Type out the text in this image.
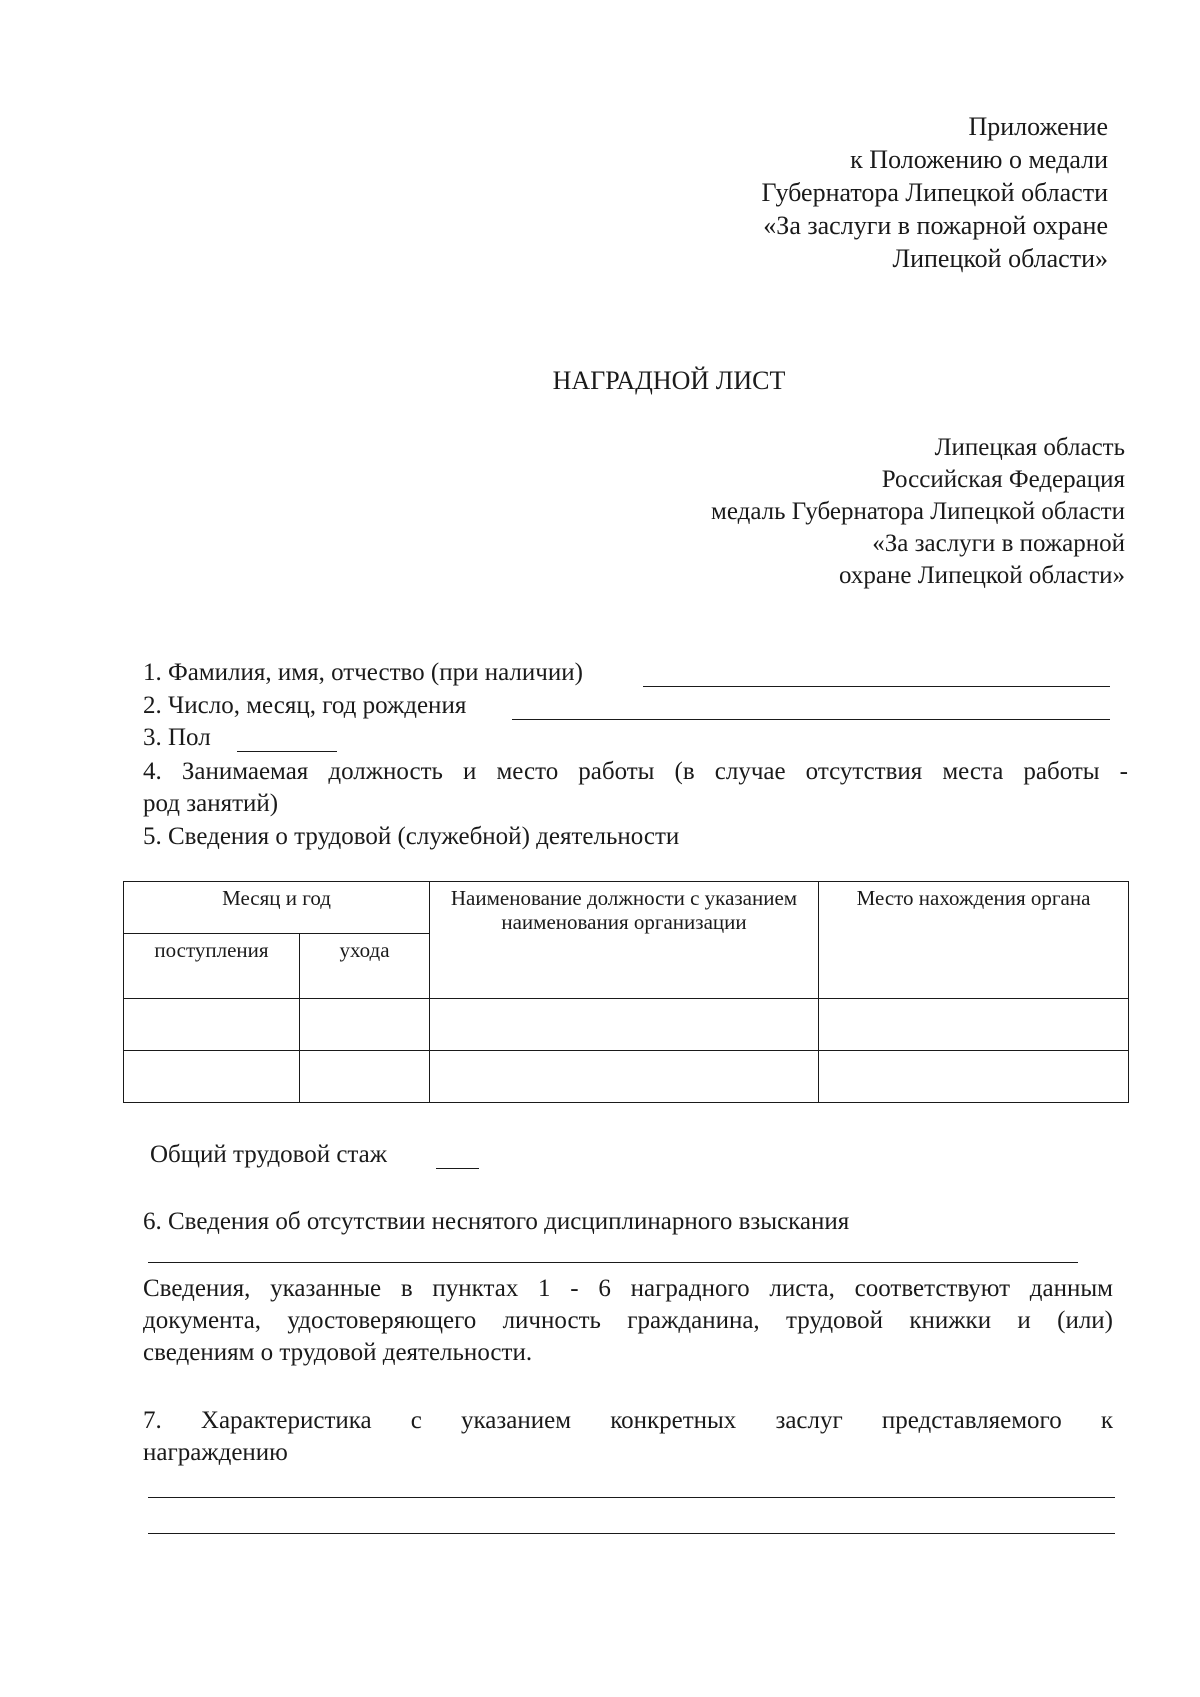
Приложение
к Положению о медали
Губернатора Липецкой области
«За заслуги в пожарной охране
Липецкой области»
НАГРАДНОЙ ЛИСТ
Липецкая область
Российская Федерация
медаль Губернатора Липецкой области
«За заслуги в пожарной
охране Липецкой области»
1. Фамилия, имя, отчество (при наличии)
2. Число, месяц, год рождения
3. Пол
4. Занимаемая должность и место работы (в случае отсутствия места работы -
род занятий)
5. Сведения о трудовой (служебной) деятельности
Месяц и год		Наименование должности с указанием наименования организации	Место нахождения органа
поступления	ухода		

Общий трудовой стаж
6. Сведения об отсутствии неснятого дисциплинарного взыскания
Сведения, указанные в пунктах 1 - 6 наградного листа, соответствуют данным
документа, удостоверяющего личность гражданина, трудовой книжки и (или)
сведениям о трудовой деятельности.
7. Характеристика с указанием конкретных заслуг представляемого к
награждению
